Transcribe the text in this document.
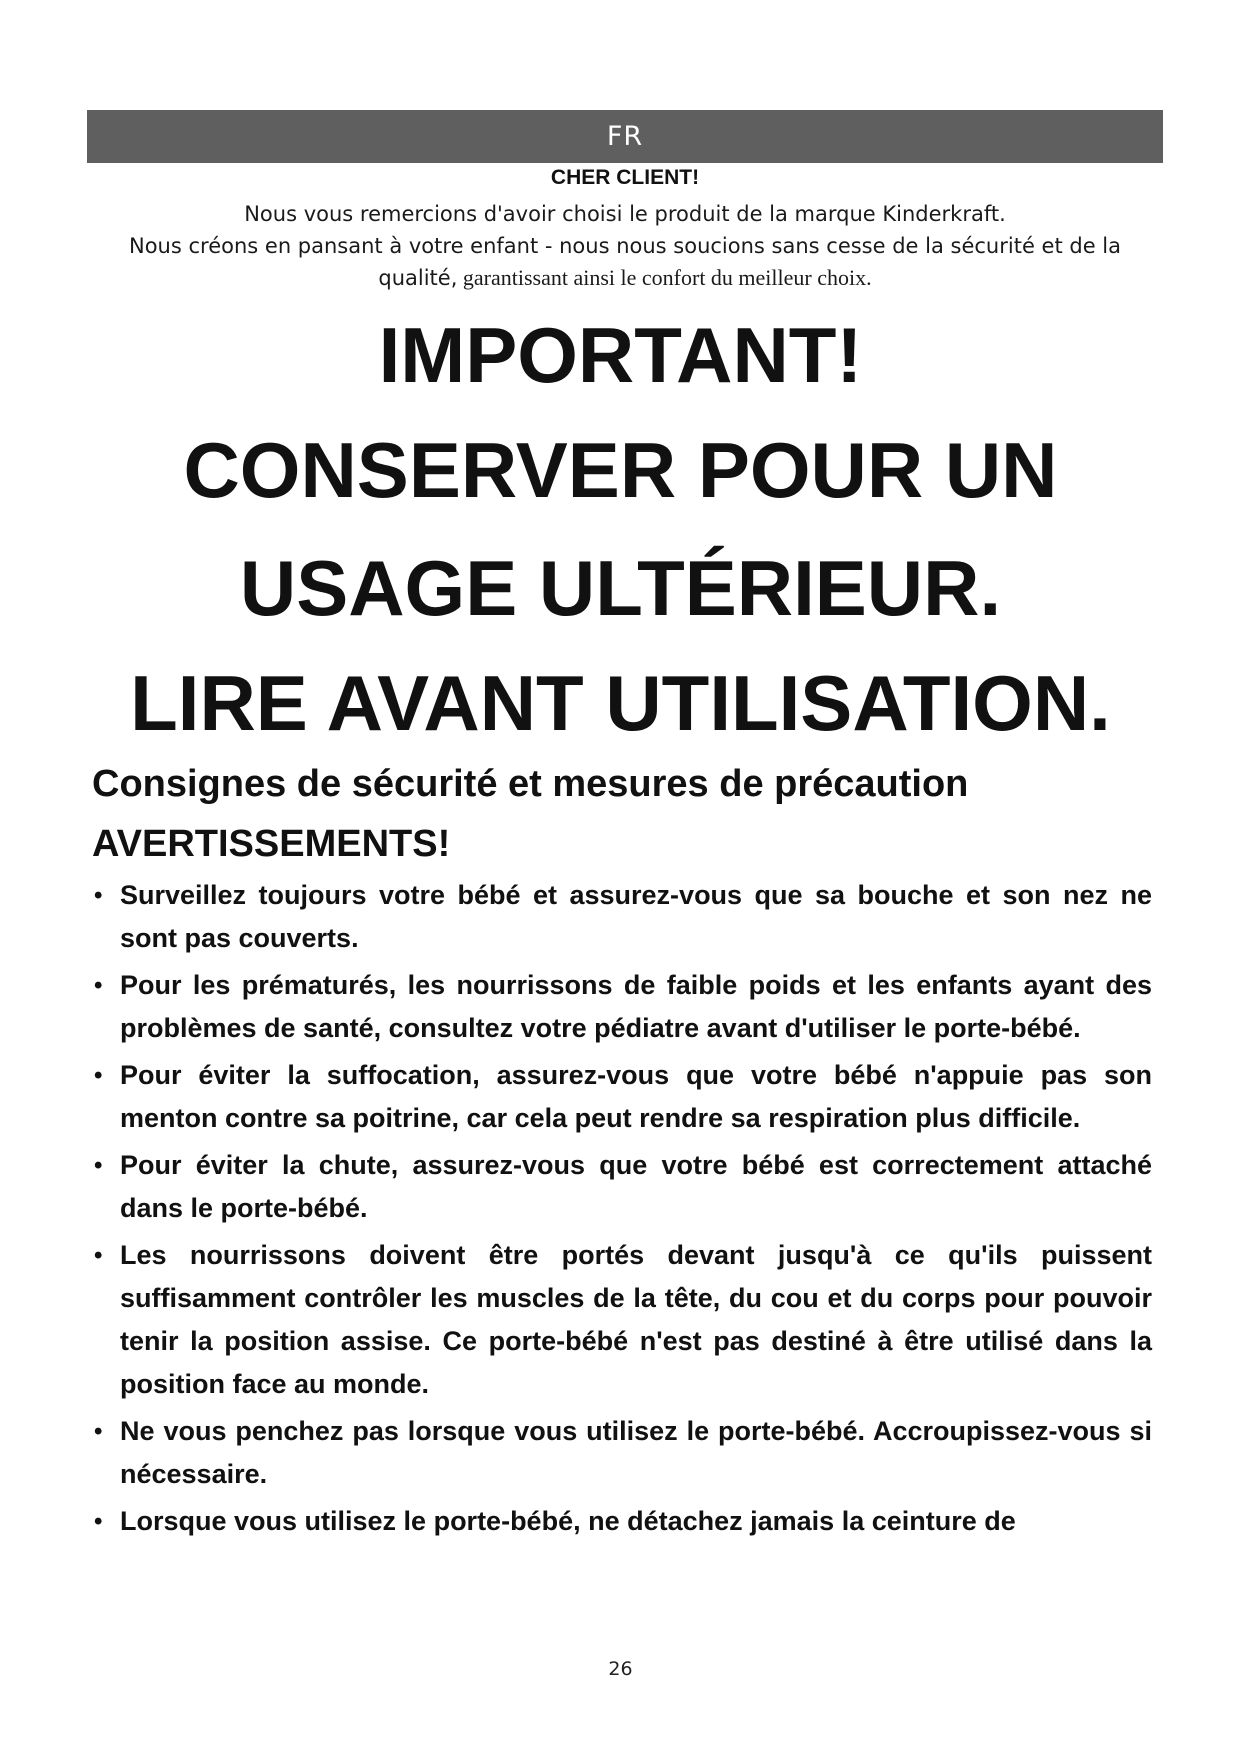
FR
CHER CLIENT!
Nous vous remercions d'avoir choisi le produit de la marque Kinderkraft.
Nous créons en pansant à votre enfant - nous nous soucions sans cesse de la sécurité et de la
qualité, garantissant ainsi le confort du meilleur choix.
IMPORTANT!
CONSERVER POUR UN
USAGE ULTÉRIEUR.
LIRE AVANT UTILISATION.
Consignes de sécurité et mesures de précaution
AVERTISSEMENTS!
• Surveillez toujours votre bébé et assurez-vous que sa bouche et son nez ne sont pas couverts.
• Pour les prématurés, les nourrissons de faible poids et les enfants ayant des problèmes de santé, consultez votre pédiatre avant d'utiliser le porte-bébé.
• Pour éviter la suffocation, assurez-vous que votre bébé n'appuie pas son menton contre sa poitrine, car cela peut rendre sa respiration plus difficile.
• Pour éviter la chute, assurez-vous que votre bébé est correctement attaché dans le porte-bébé.
• Les nourrissons doivent être portés devant jusqu'à ce qu'ils puissent suffisamment contrôler les muscles de la tête, du cou et du corps pour pouvoir tenir la position assise. Ce porte-bébé n'est pas destiné à être utilisé dans la position face au monde.
• Ne vous penchez pas lorsque vous utilisez le porte-bébé. Accroupissez-vous si nécessaire.
• Lorsque vous utilisez le porte-bébé, ne détachez jamais la ceinture de
26
